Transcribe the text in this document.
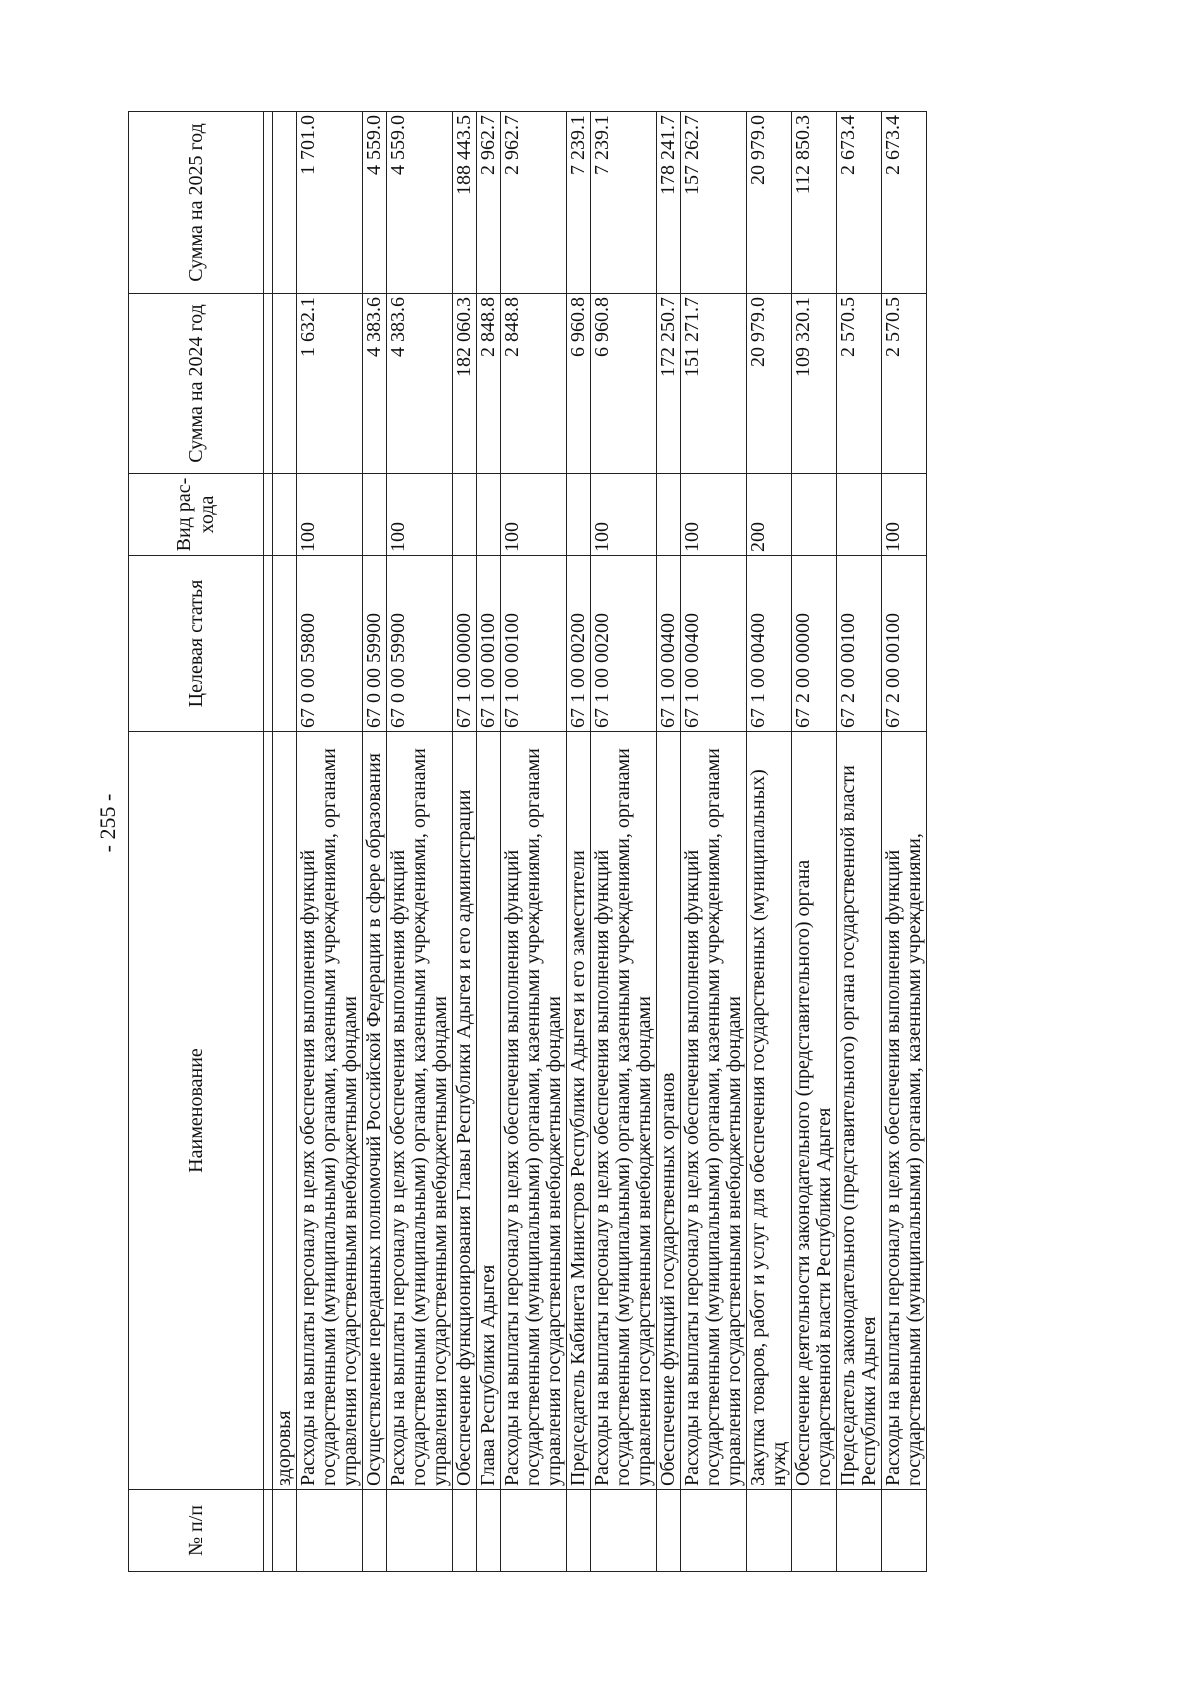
- 255 -
№ п/п	Наименование	Целевая статья	Вид рас-хода	Сумма на 2024 год	Сумма на 2025 год

	здоровья				
	Расходы на выплаты персоналу в целях обеспечения выполнения функций государственными (муниципальными) органами, казенными учреждениями, органами управления государственными внебюджетными фондами	67 0 00 59800	100	1 632.1	1 701.0
	Осуществление переданных полномочий Российской Федерации в сфере образования	67 0 00 59900		4 383.6	4 559.0
	Расходы на выплаты персоналу в целях обеспечения выполнения функций государственными (муниципальными) органами, казенными учреждениями, органами управления государственными внебюджетными фондами	67 0 00 59900	100	4 383.6	4 559.0
	Обеспечение функционирования Главы Республики Адыгея и его администрации	67 1 00 00000		182 060.3	188 443.5
	Глава Республики Адыгея	67 1 00 00100		2 848.8	2 962.7
	Расходы на выплаты персоналу в целях обеспечения выполнения функций государственными (муниципальными) органами, казенными учреждениями, органами управления государственными внебюджетными фондами	67 1 00 00100	100	2 848.8	2 962.7
	Председатель Кабинета Министров Республики Адыгея и его заместители	67 1 00 00200		6 960.8	7 239.1
	Расходы на выплаты персоналу в целях обеспечения выполнения функций государственными (муниципальными) органами, казенными учреждениями, органами управления государственными внебюджетными фондами	67 1 00 00200	100	6 960.8	7 239.1
	Обеспечение функций государственных органов	67 1 00 00400		172 250.7	178 241.7
	Расходы на выплаты персоналу в целях обеспечения выполнения функций государственными (муниципальными) органами, казенными учреждениями, органами управления государственными внебюджетными фондами	67 1 00 00400	100	151 271.7	157 262.7
	Закупка товаров, работ и услуг для обеспечения государственных (муниципальных) нужд	67 1 00 00400	200	20 979.0	20 979.0
	Обеспечение деятельности законодательного (представительного) органа государственной власти Республики Адыгея	67 2 00 00000		109 320.1	112 850.3
	Председатель законодательного (представительного) органа государственной власти Республики Адыгея	67 2 00 00100		2 570.5	2 673.4
	Расходы на выплаты персоналу в целях обеспечения выполнения функций государственными (муниципальными) органами, казенными учреждениями,	67 2 00 00100	100	2 570.5	2 673.4
